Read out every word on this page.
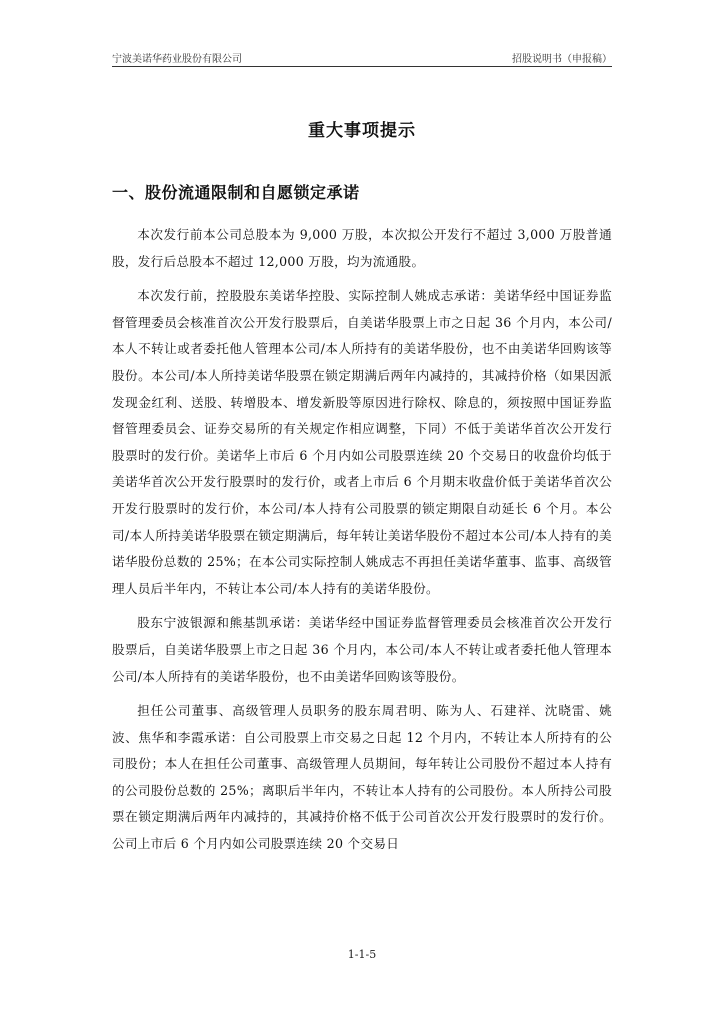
宁波美诺华药业股份有限公司	招股说明书（申报稿）
重大事项提示
一、股份流通限制和自愿锁定承诺

本次发行前本公司总股本为 9,000 万股，本次拟公开发行不超过 3,000 万股普通股，发行后总股本不超过 12,000 万股，均为流通股。

本次发行前，控股股东美诺华控股、实际控制人姚成志承诺：美诺华经中国证券监督管理委员会核准首次公开发行股票后，自美诺华股票上市之日起 36 个月内，本公司/本人不转让或者委托他人管理本公司/本人所持有的美诺华股份，也不由美诺华回购该等股份。本公司/本人所持美诺华股票在锁定期满后两年内减持的，其减持价格（如果因派发现金红利、送股、转增股本、增发新股等原因进行除权、除息的，须按照中国证券监督管理委员会、证券交易所的有关规定作相应调整，下同）不低于美诺华首次公开发行股票时的发行价。美诺华上市后 6 个月内如公司股票连续 20 个交易日的收盘价均低于美诺华首次公开发行股票时的发行价，或者上市后 6 个月期末收盘价低于美诺华首次公开发行股票时的发行价，本公司/本人持有公司股票的锁定期限自动延长 6 个月。本公司/本人所持美诺华股票在锁定期满后，每年转让美诺华股份不超过本公司/本人持有的美诺华股份总数的 25%；在本公司实际控制人姚成志不再担任美诺华董事、监事、高级管理人员后半年内，不转让本公司/本人持有的美诺华股份。

股东宁波银源和熊基凯承诺：美诺华经中国证券监督管理委员会核准首次公开发行股票后，自美诺华股票上市之日起 36 个月内，本公司/本人不转让或者委托他人管理本公司/本人所持有的美诺华股份，也不由美诺华回购该等股份。

担任公司董事、高级管理人员职务的股东周君明、陈为人、石建祥、沈晓雷、姚波、焦华和李霞承诺：自公司股票上市交易之日起 12 个月内，不转让本人所持有的公司股份；本人在担任公司董事、高级管理人员期间，每年转让公司股份不超过本人持有的公司股份总数的 25%；离职后半年内，不转让本人持有的公司股份。本人所持公司股票在锁定期满后两年内减持的，其减持价格不低于公司首次公开发行股票时的发行价。公司上市后 6 个月内如公司股票连续 20 个交易日

1-1-5
